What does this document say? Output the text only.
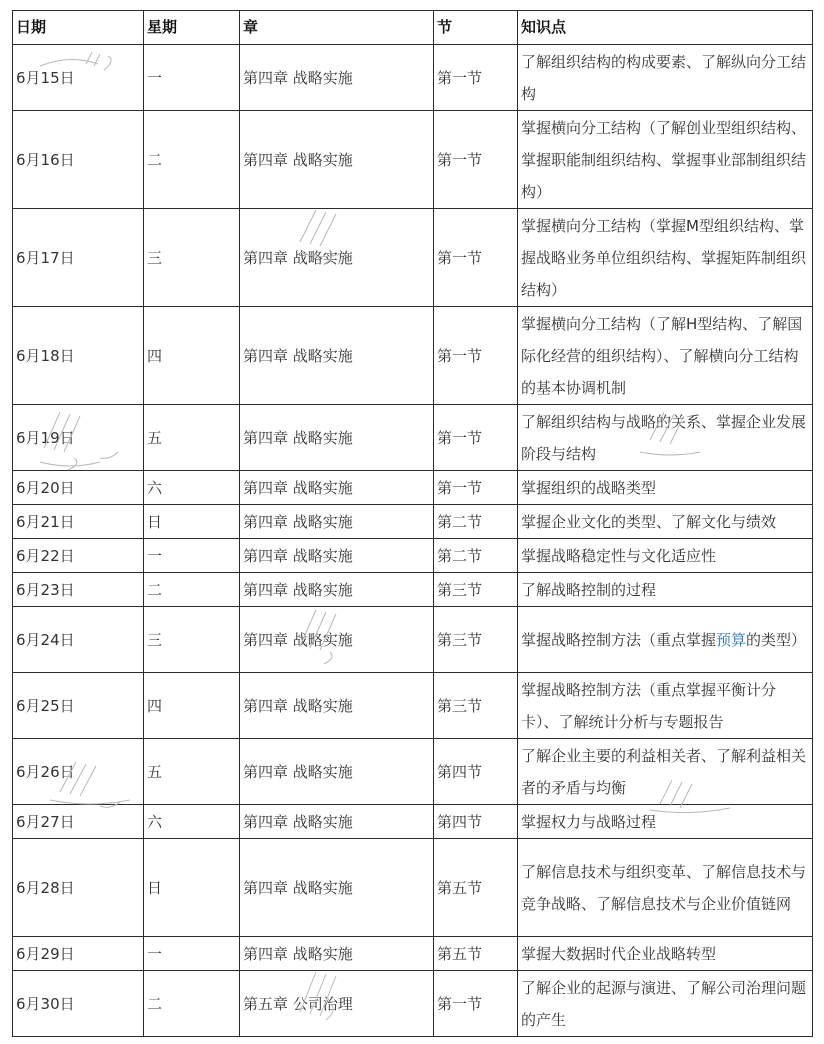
日期	星期	章	节	知识点
6月15日	一	第四章 战略实施	第一节	了解组织结构的构成要素、了解纵向分工结构
6月16日	二	第四章 战略实施	第一节	掌握横向分工结构（了解创业型组织结构、掌握职能制组织结构、掌握事业部制组织结构）
6月17日	三	第四章 战略实施	第一节	掌握横向分工结构（掌握M型组织结构、掌握战略业务单位组织结构、掌握矩阵制组织结构）
6月18日	四	第四章 战略实施	第一节	掌握横向分工结构（了解H型结构、了解国际化经营的组织结构）、了解横向分工结构的基本协调机制
6月19日	五	第四章 战略实施	第一节	了解组织结构与战略的关系、掌握企业发展阶段与结构
6月20日	六	第四章 战略实施	第一节	掌握组织的战略类型
6月21日	日	第四章 战略实施	第二节	掌握企业文化的类型、了解文化与绩效
6月22日	一	第四章 战略实施	第二节	掌握战略稳定性与文化适应性
6月23日	二	第四章 战略实施	第三节	了解战略控制的过程
6月24日	三	第四章 战略实施	第三节	掌握战略控制方法（重点掌握预算的类型）
6月25日	四	第四章 战略实施	第三节	掌握战略控制方法（重点掌握平衡计分卡）、了解统计分析与专题报告
6月26日	五	第四章 战略实施	第四节	了解企业主要的利益相关者、了解利益相关者的矛盾与均衡
6月27日	六	第四章 战略实施	第四节	掌握权力与战略过程
6月28日	日	第四章 战略实施	第五节	了解信息技术与组织变革、了解信息技术与竞争战略、了解信息技术与企业价值链网
6月29日	一	第四章 战略实施	第五节	掌握大数据时代企业战略转型
6月30日	二	第五章 公司治理	第一节	了解企业的起源与演进、了解公司治理问题的产生
